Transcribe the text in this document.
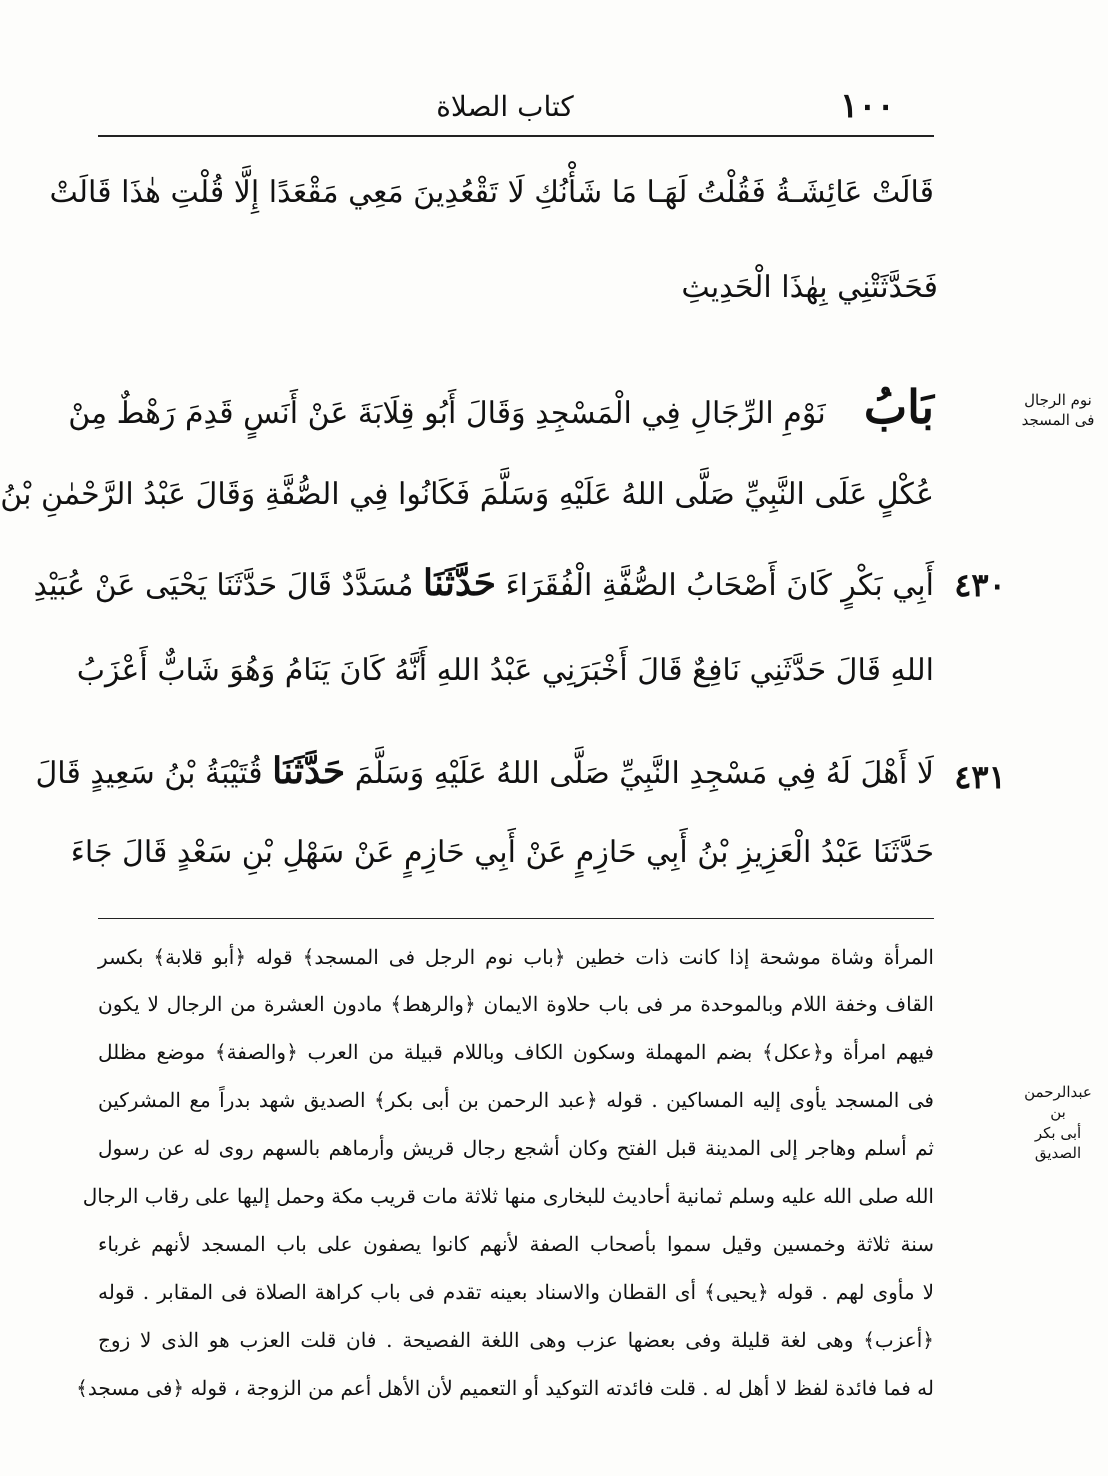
كتاب الصلاة	١٠٠
قَالَتْ عَائِشَـةُ فَقُلْتُ لَهَـا مَا شَأْنُكِ لَا تَقْعُدِينَ مَعِي مَقْعَدًا إِلَّا قُلْتِ هٰذَا قَالَتْ
فَحَدَّثَتْنِي بِهٰذَا الْحَدِيثِ
بَابُ    نَوْمِ الرِّجَالِ فِي الْمَسْجِدِ وَقَالَ أَبُو قِلَابَةَ عَنْ أَنَسٍ قَدِمَ رَهْطٌ مِنْ
عُكْلٍ عَلَى النَّبِيِّ صَلَّى اللهُ عَلَيْهِ وَسَلَّمَ فَكَانُوا فِي الصُّفَّةِ وَقَالَ عَبْدُ الرَّحْمٰنِ بْنُ
٤٣٠
أَبِي بَكْرٍ كَانَ أَصْحَابُ الصُّفَّةِ الْفُقَرَاءَ حَدَّثَنَا مُسَدَّدٌ قَالَ حَدَّثَنَا يَحْيَى عَنْ عُبَيْدِ
اللهِ قَالَ حَدَّثَنِي نَافِعٌ قَالَ أَخْبَرَنِي عَبْدُ اللهِ أَنَّهُ كَانَ يَنَامُ وَهُوَ شَابٌّ أَعْزَبُ
٤٣١
لَا أَهْلَ لَهُ فِي مَسْجِدِ النَّبِيِّ صَلَّى اللهُ عَلَيْهِ وَسَلَّمَ حَدَّثَنَا قُتَيْبَةُ بْنُ سَعِيدٍ قَالَ
حَدَّثَنَا عَبْدُ الْعَزِيزِ بْنُ أَبِي حَازِمٍ عَنْ أَبِي حَازِمٍ عَنْ سَهْلِ بْنِ سَعْدٍ قَالَ جَاءَ
نوم الرجال
فی المسجد
عبدالرحمن بن
أبی بکر الصدیق
المرأة وشاة موشحة إذا كانت ذات خطين ﴿باب نوم الرجل فی المسجد﴾ قوله ﴿أبو قلابة﴾ بكسر
القاف وخفة اللام وبالموحدة مر فی باب حلاوة الایمان ﴿والرهط﴾ مادون العشرة من الرجال لا يكون
فيهم امرأة و﴿عكل﴾ بضم المهملة وسكون الكاف وباللام قبيلة من العرب ﴿والصفة﴾ موضع مظلل
فی المسجد يأوی إليه المساكين . قوله ﴿عبد الرحمن بن أبی بكر﴾ الصديق شهد بدراً مع المشركين
ثم أسلم وهاجر إلى المدينة قبل الفتح وكان أشجع رجال قريش وأرماهم بالسهم روى له عن رسول
الله صلى الله عليه وسلم ثمانية أحاديث للبخاری منها ثلاثة مات قريب مكة وحمل إليها على رقاب الرجال
سنة ثلاثة وخمسين وقيل سموا بأصحاب الصفة لأنهم كانوا يصفون على باب المسجد لأنهم غرباء
لا مأوى لهم . قوله ﴿يحيى﴾ أی القطان والاسناد بعينه تقدم فی باب كراهة الصلاة فی المقابر . قوله
﴿أعزب﴾ وهی لغة قليلة وفی بعضها عزب وهی اللغة الفصيحة . فان قلت العزب هو الذی لا زوج
له فما فائدة لفظ لا أهل له . قلت فائدته التوكيد أو التعميم لأن الأهل أعم من الزوجة ، قوله ﴿فی مسجد﴾
